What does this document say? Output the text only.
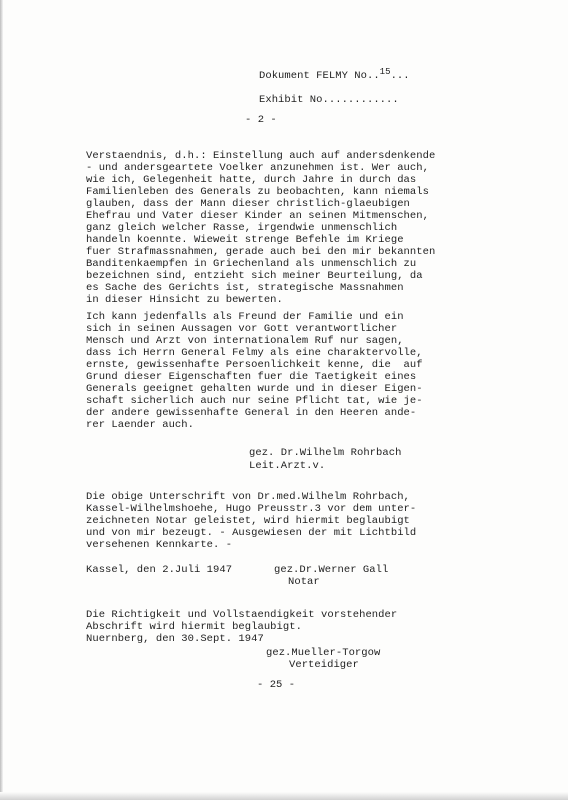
Dokument FELMY No..15...
Exhibit No............
- 2 -
Verstaendnis, d.h.: Einstellung auch auf andersdenkende
- und andersgeartete Voelker anzunehmen ist. Wer auch,
wie ich, Gelegenheit hatte, durch Jahre in durch das
Familienleben des Generals zu beobachten, kann niemals
glauben, dass der Mann dieser christlich-glaeubigen
Ehefrau und Vater dieser Kinder an seinen Mitmenschen,
ganz gleich welcher Rasse, irgendwie unmenschlich
handeln koennte. Wieweit strenge Befehle im Kriege
fuer Strafmassnahmen, gerade auch bei den mir bekannten
Banditenkaempfen in Griechenland als unmenschlich zu
bezeichnen sind, entzieht sich meiner Beurteilung, da
es Sache des Gerichts ist, strategische Massnahmen
in dieser Hinsicht zu bewerten.
Ich kann jedenfalls als Freund der Familie und ein
sich in seinen Aussagen vor Gott verantwortlicher
Mensch und Arzt von internationalem Ruf nur sagen,
dass ich Herrn General Felmy als eine charaktervolle,
ernste, gewissenhafte Persoenlichkeit kenne, die  auf
Grund dieser Eigenschaften fuer die Taetigkeit eines
Generals geeignet gehalten wurde und in dieser Eigen-
schaft sicherlich auch nur seine Pflicht tat, wie je-
der andere gewissenhafte General in den Heeren ande-
rer Laender auch.
gez. Dr.Wilhelm Rohrbach
Leit.Arzt.v.
Die obige Unterschrift von Dr.med.Wilhelm Rohrbach,
Kassel-Wilhelmshoehe, Hugo Preusstr.3 vor dem unter-
zeichneten Notar geleistet, wird hiermit beglaubigt
und von mir bezeugt. - Ausgewiesen der mit Lichtbild
versehenen Kennkarte. -
Kassel, den 2.Juli 1947	gez.Dr.Werner Gall
Notar
Die Richtigkeit und Vollstaendigkeit vorstehender
Abschrift wird hiermit beglaubigt.
Nuernberg, den 30.Sept. 1947
gez.Mueller-Torgow
Verteidiger
- 25 -
